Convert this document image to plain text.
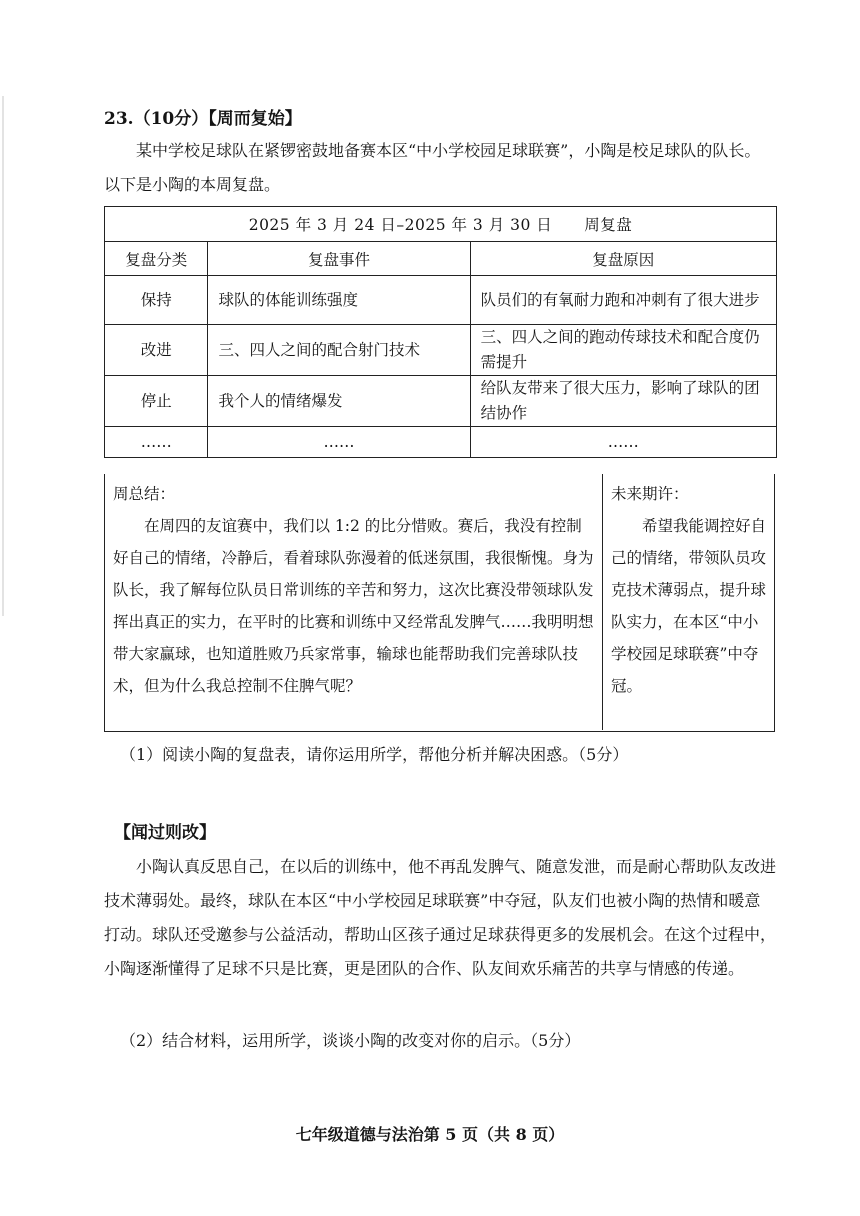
23.（10分）【周而复始】

某中学校足球队在紧锣密鼓地备赛本区“中小学校园足球联赛”，小陶是校足球队的队长。以下是小陶的本周复盘。

2025 年 3 月 24 日–2025 年 3 月 30 日　　周复盘		
复盘分类	复盘事件	复盘原因
保持	球队的体能训练强度	队员们的有氧耐力跑和冲刺有了很大进步
改进	三、四人之间的配合射门技术	三、四人之间的跑动传球技术和配合度仍需提升
停止	我个人的情绪爆发	给队友带来了很大压力，影响了球队的团结协作
……	……	……

周总结：

在周四的友谊赛中，我们以 1:2 的比分惜败。赛后，我没有控制好自己的情绪，冷静后，看着球队弥漫着的低迷氛围，我很惭愧。身为队长，我了解每位队员日常训练的辛苦和努力，这次比赛没带领球队发挥出真正的实力，在平时的比赛和训练中又经常乱发脾气……我明明想带大家赢球，也知道胜败乃兵家常事，输球也能帮助我们完善球队技术，但为什么我总控制不住脾气呢？

未来期许：

希望我能调控好自己的情绪，带领队员攻克技术薄弱点，提升球队实力，在本区“中小学校园足球联赛”中夺冠。

（1）阅读小陶的复盘表，请你运用所学，帮他分析并解决困惑。（5分）

【闻过则改】

小陶认真反思自己，在以后的训练中，他不再乱发脾气、随意发泄，而是耐心帮助队友改进技术薄弱处。最终，球队在本区“中小学校园足球联赛”中夺冠，队友们也被小陶的热情和暖意打动。球队还受邀参与公益活动，帮助山区孩子通过足球获得更多的发展机会。在这个过程中，小陶逐渐懂得了足球不只是比赛，更是团队的合作、队友间欢乐痛苦的共享与情感的传递。

（2）结合材料，运用所学，谈谈小陶的改变对你的启示。（5分）

七年级道德与法治第 5 页（共 8 页）
